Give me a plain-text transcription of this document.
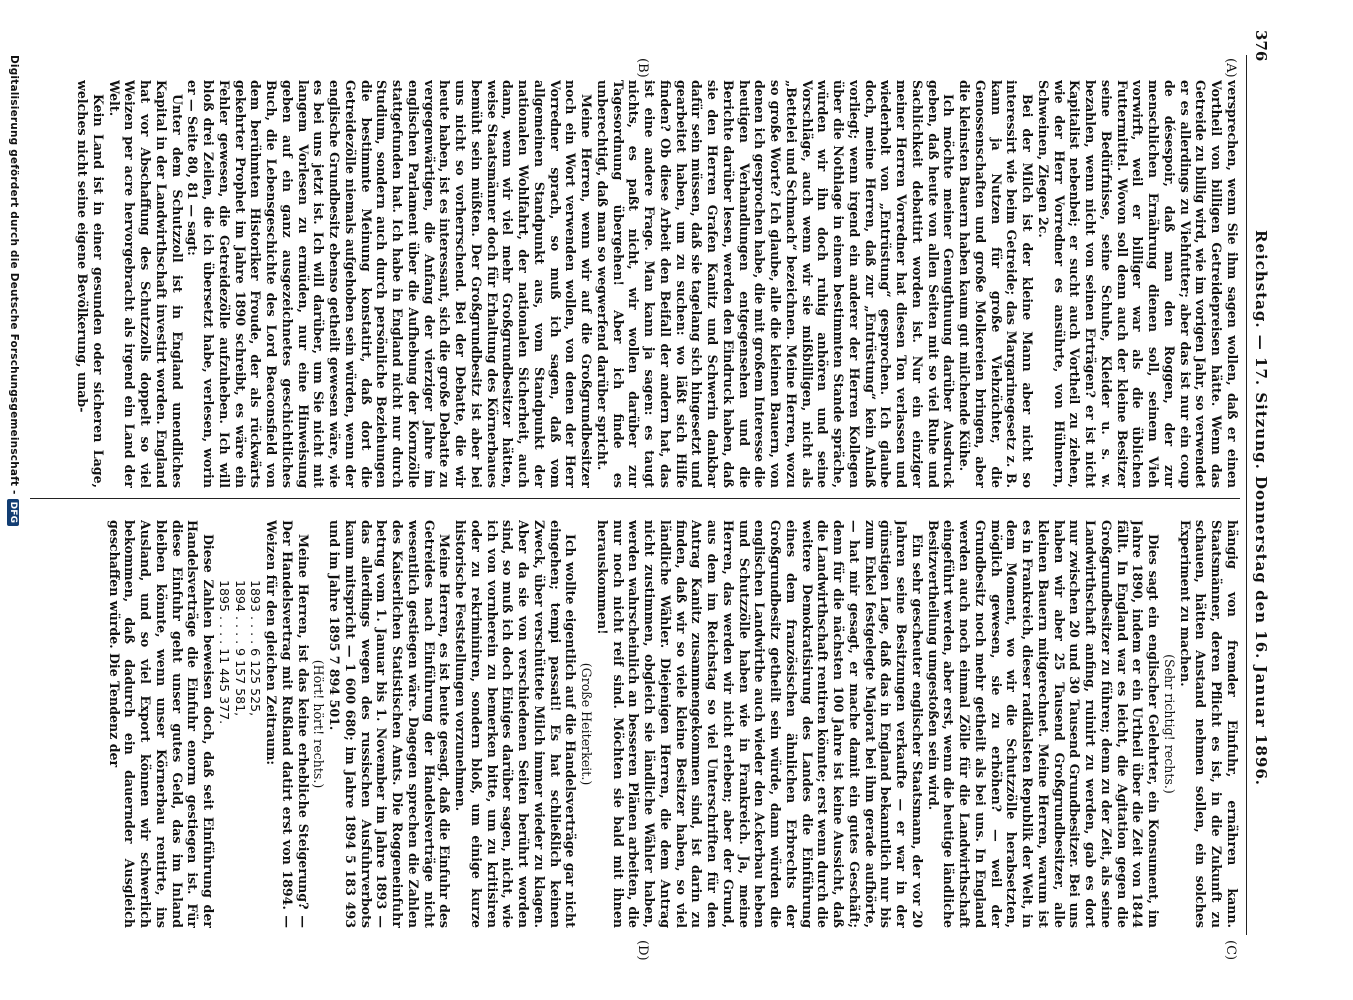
376
Reichstag. — 17. Sitzung. Donnerstag den 16. Januar 1896.
(A)
(B)
(C)
(D)

versprechen, wenn Sie ihm sagen wollen, daß er einen Vortheil von billigen Getreidepreisen hätte. Wenn das Getreide zu billig wird, wie im vorigen Jahr, so verwendet er es allerdings zu Viehfutter; aber das ist nur ein coup de désespoir, daß man den Roggen, der zur menschlichen Ernährung dienen soll, seinem Vieh vorwirft, weil er billiger war als die üblichen Futtermittel. Wovon soll denn auch der kleine Besitzer seine Bedürfnisse, seine Schuhe, Kleider u. s. w. bezahlen, wenn nicht von seinen Erträgen? er ist nicht Kapitalist nebenbei; er sucht auch Vortheil zu ziehen, wie der Herr Vorredner es ansührte, von Hühnern, Schweinen, Ziegen 2c.

Bei der Milch ist der kleine Mann aber nicht so interessirt wie beim Getreide; das Margarinegesetz z. B. kann ja Nutzen für große Viehzüchter, die Genossenschaften und große Molkereien bringen, aber die kleinsten Bauern haben kaum gut milchende Kühe.

Ich möchte meiner Genugthuung darüber Ausdruck geben, daß heute von allen Seiten mit so viel Ruhe und Sachlichkeit debattirt worden ist. Nur ein einziger meiner Herren Vorredner hat diesen Ton verlassen und wiederholt von „Entrüstung“ gesprochen. Ich glaube doch, meine Herren, daß zur „Entrüstung“ kein Anlaß vorliegt; wenn irgend ein anderer der Herren Kollegen über die Nothlage in einem bestimmten Stande spräche, würden wir ihn doch ruhig anhören und seine Vorschläge, auch wenn wir sie mißbilligen, nicht als „Bettelei und Schmach“ bezeichnen. Meine Herren, wozu so große Worte? Ich glaube, alle die kleinen Bauern, von denen ich gesprochen habe, die mit großem Interesse die heutigen Verhandlungen entgegensehen und die Berichte darüber lesen, werden den Eindruck haben, daß sie den Herren Grafen Kanitz und Schwerin dankbar dafür sein müssen, daß sie tagelang sich hingesetzt und gearbeitet haben, um zu suchen: wo läßt sich Hilfe finden? Ob diese Arbeit den Beifall der andern hat, das ist eine andere Frage. Man kann ja sagen: es taugt nichts, es paßt nicht, wir wollen darüber zur Tagesordnung übergehen! Aber ich finde es unberechtigt, daß man so wegwerfend darüber spricht.

Meine Herren, wenn wir auf die Großgrundbesitzer noch ein Wort verwenden wollen, von denen der Herr Vorredner sprach, so muß ich sagen, daß vom allgemeinen Standpunkt aus, vom Standpunkt der nationalen Wohlfahrt, der nationalen Sicherheit, auch dann, wenn wir viel mehr Großgrundbesitzer hätten, weise Staatsmänner doch für Erhaltung des Körnerbaues bemüht sein müßten. Der Großgrundbesitz ist aber bei uns nicht so vorherrschend. Bei der Debatte, die wir heute haben, ist es interessant, sich die große Debatte zu vergegenwärtigen, die Anfang der vierziger Jahre im englischen Parlament über die Aufhebung der Kornzölle stattgefunden hat. Ich habe in England nicht nur durch Studium, sondern auch durch persönliche Beziehungen die bestimmte Meinung konstatirt, daß dort die Getreidezölle niemals aufgehoben sein würden, wenn der englische Grundbesitz ebenso getheilt gewesen wäre, wie es bei uns jetzt ist. Ich will darüber, um Sie nicht mit langem Vorlesen zu ermüden, nur eine Hinweisung geben auf ein ganz ausgezeichnetes geschichtliches Buch, die Lebensgeschichte des Lord Beaconsfield von dem berühmten Historiker Froude, der als rückwärts gekehrter Prophet im Jahre 1890 schreibt, es wäre ein Fehler gewesen, die Getreidezölle aufzuheben. Ich will bloß drei Zeilen, die ich übersetzt habe, verlesen, worin er — Seite 80, 81 — sagt:

Unter dem Schutzzoll ist in England unendliches Kapital in der Landwirthschaft investirt worden. England hat vor Abschaffung des Schutzzolls doppelt so viel Weizen per acre hervorgebracht als irgend ein Land der Welt.

Kein Land ist in einer gesunden oder sicheren Lage, welches nicht seine eigene Bevölkerung, unab-

hängig von fremder Einfuhr, ernähren kann. Staatsmänner, deren Pflicht es ist, in die Zukunft zu schauen, hätten Anstand nehmen sollen, ein solches Experiment zu machen.

(Sehr richtig! rechts.)

Dies sagt ein englischer Gelehrter, ein Konsument, im Jahre 1890, indem er ein Urtheil über die Zeit von 1844 fällt. In England war es leicht, die Agitation gegen die Großgrundbesitzer zu führen; denn zu der Zeit, als seine Landwirthschaft anfing, ruinirt zu werden, gab es dort nur zwischen 20 und 30 Tausend Grundbesitzer. Bei uns haben wir aber 25 Tausend Großgrundbesitzer, alle kleinen Bauern mitgerechnet. Meine Herren, warum ist es in Frankreich, dieser radikalsten Republik der Welt, in dem Moment, wo wir die Schutzzölle herabsetzten, möglich gewesen, sie zu erhöhen? — weil der Grundbesitz noch mehr getheilt als bei uns. In England werden auch noch einmal Zölle für die Landwirthschaft eingeführt werden, aber erst, wenn die heutige ländliche Besitzvertheilung umgestoßen sein wird.

Ein sehr gescheuter englischer Staatsmann, der vor 20 Jahren seine Besitzungen verkaufte — er war in der günstigen Lage, daß das in England bekanntlich nur bis zum Enkel festgelegte Majorat bei ihm gerade aufhörte, — hat mir gesagt, er mache damit ein gutes Geschäft; denn für die nächsten 100 Jahre ist keine Aussicht, daß die Landwirthschaft rentiren könnte; erst wenn durch die weitere Demokratisirung des Landes die Einführung eines dem französischen ähnlichen Erbrechts der Großgrundbesitz getheilt sein würde, dann würden die englischen Landwirthe auch wieder den Ackerbau heben und Schutzzölle haben wie in Frankreich. Ja, meine Herren, das werden wir nicht erleben; aber der Grund, aus dem im Reichstag so viel Unterschriften für den Antrag Kanitz zusammengekommen sind, ist darin zu finden, daß wir so viele kleine Besitzer haben, so viel ländliche Wähler. Diejenigen Herren, die dem Antrag nicht zustimmen, obgleich sie ländliche Wähler haben, werden wahrscheinlich an besseren Plänen arbeiten, die nur noch nicht reif sind. Möchten sie bald mit ihnen herauskommen!

(Große Heiterkeit.)

Ich wollte eigentlich auf die Handelsverträge gar nicht eingehen; tempi passati! Es hat schließlich keinen Zweck, über verschüttete Milch immer wieder zu klagen. Aber da sie von verschiedenen Seiten berührt worden sind, so muß ich doch Einiges darüber sagen, nicht, wie ich von vornherein zu bemerken bitte, um zu kritisiren oder zu rekriminiren, sondern bloß, um einige kurze historische Feststellungen vorzunehmen.

Meine Herren, es ist heute gesagt, daß die Einfuhr des Getreides nach Einführung der Handelsverträge nicht wesentlich gestiegen wäre. Dagegen sprechen die Zahlen des Kaiserlichen Statistischen Amts. Die Roggeneinfuhr betrug vom 1. Januar bis 1. November im Jahre 1893 — das allerdings wegen des russischen Ausfuhrverbots kaum mitspricht — 1 600 680; im Jahre 1894 5 183 493 und im Jahre 1895 7 894 501.

(Hört! hört! rechts.)

Meine Herren, ist das keine erhebliche Steigerung? — Der Handelsvertrag mit Rußland datirt erst von 1894. — Weizen für den gleichen Zeitraum:

1893 . . . . 6 125 525,

1894 . . . . 9 157 581,

1895 . . . . 11 445 377.

Diese Zahlen beweisen doch, daß seit Einführung der Handelsverträge die Einfuhr enorm gestiegen ist. Für diese Einfuhr geht unser gutes Geld, das im Inland bleiben könnte, wenn unser Körnerbau rentirte, ins Ausland, und so viel Export können wir schwerlich bekommen, daß dadurch ein dauernder Ausgleich geschaffen würde. Die Tendenz der

Digitalisierung gefördert durch die Deutsche Forschungsgemeinschaft -DFG
